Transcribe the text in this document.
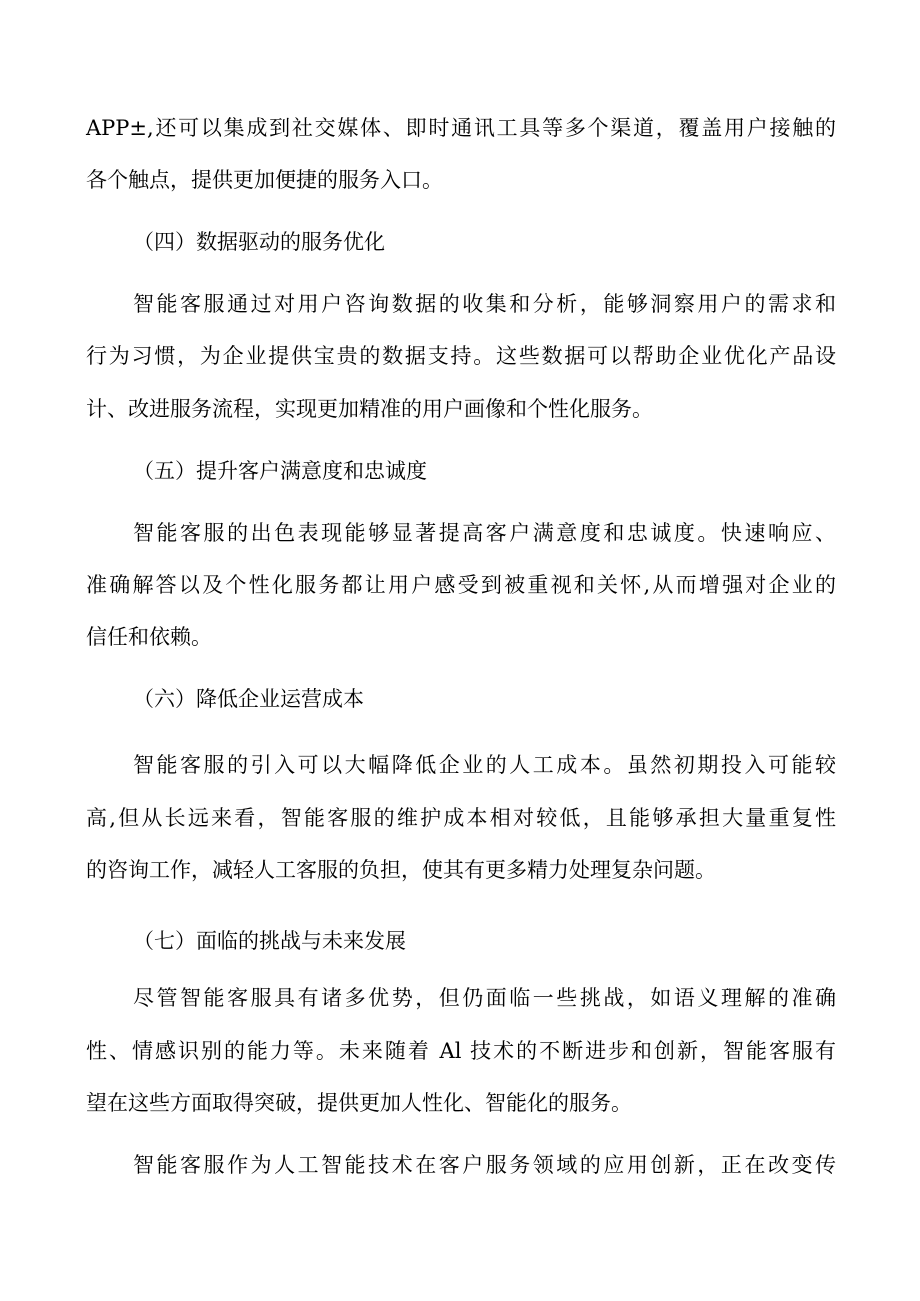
APP±,还可以集成到社交媒体、即时通讯工具等多个渠道，覆盖用户接触的
各个触点，提供更加便捷的服务入口。
（四）数据驱动的服务优化
智能客服通过对用户咨询数据的收集和分析，能够洞察用户的需求和
行为习惯，为企业提供宝贵的数据支持。这些数据可以帮助企业优化产品设
计、改进服务流程，实现更加精准的用户画像和个性化服务。
（五）提升客户满意度和忠诚度
智能客服的出色表现能够显著提高客户满意度和忠诚度。快速响应、
准确解答以及个性化服务都让用户感受到被重视和关怀,从而增强对企业的
信任和依赖。
（六）降低企业运营成本
智能客服的引入可以大幅降低企业的人工成本。虽然初期投入可能较
高,但从长远来看，智能客服的维护成本相对较低，且能够承担大量重复性
的咨询工作，减轻人工客服的负担，使其有更多精力处理复杂问题。
（七）面临的挑战与未来发展
尽管智能客服具有诸多优势，但仍面临一些挑战，如语义理解的准确
性、情感识别的能力等。未来随着 Al 技术的不断进步和创新，智能客服有
望在这些方面取得突破，提供更加人性化、智能化的服务。
智能客服作为人工智能技术在客户服务领域的应用创新，正在改变传
